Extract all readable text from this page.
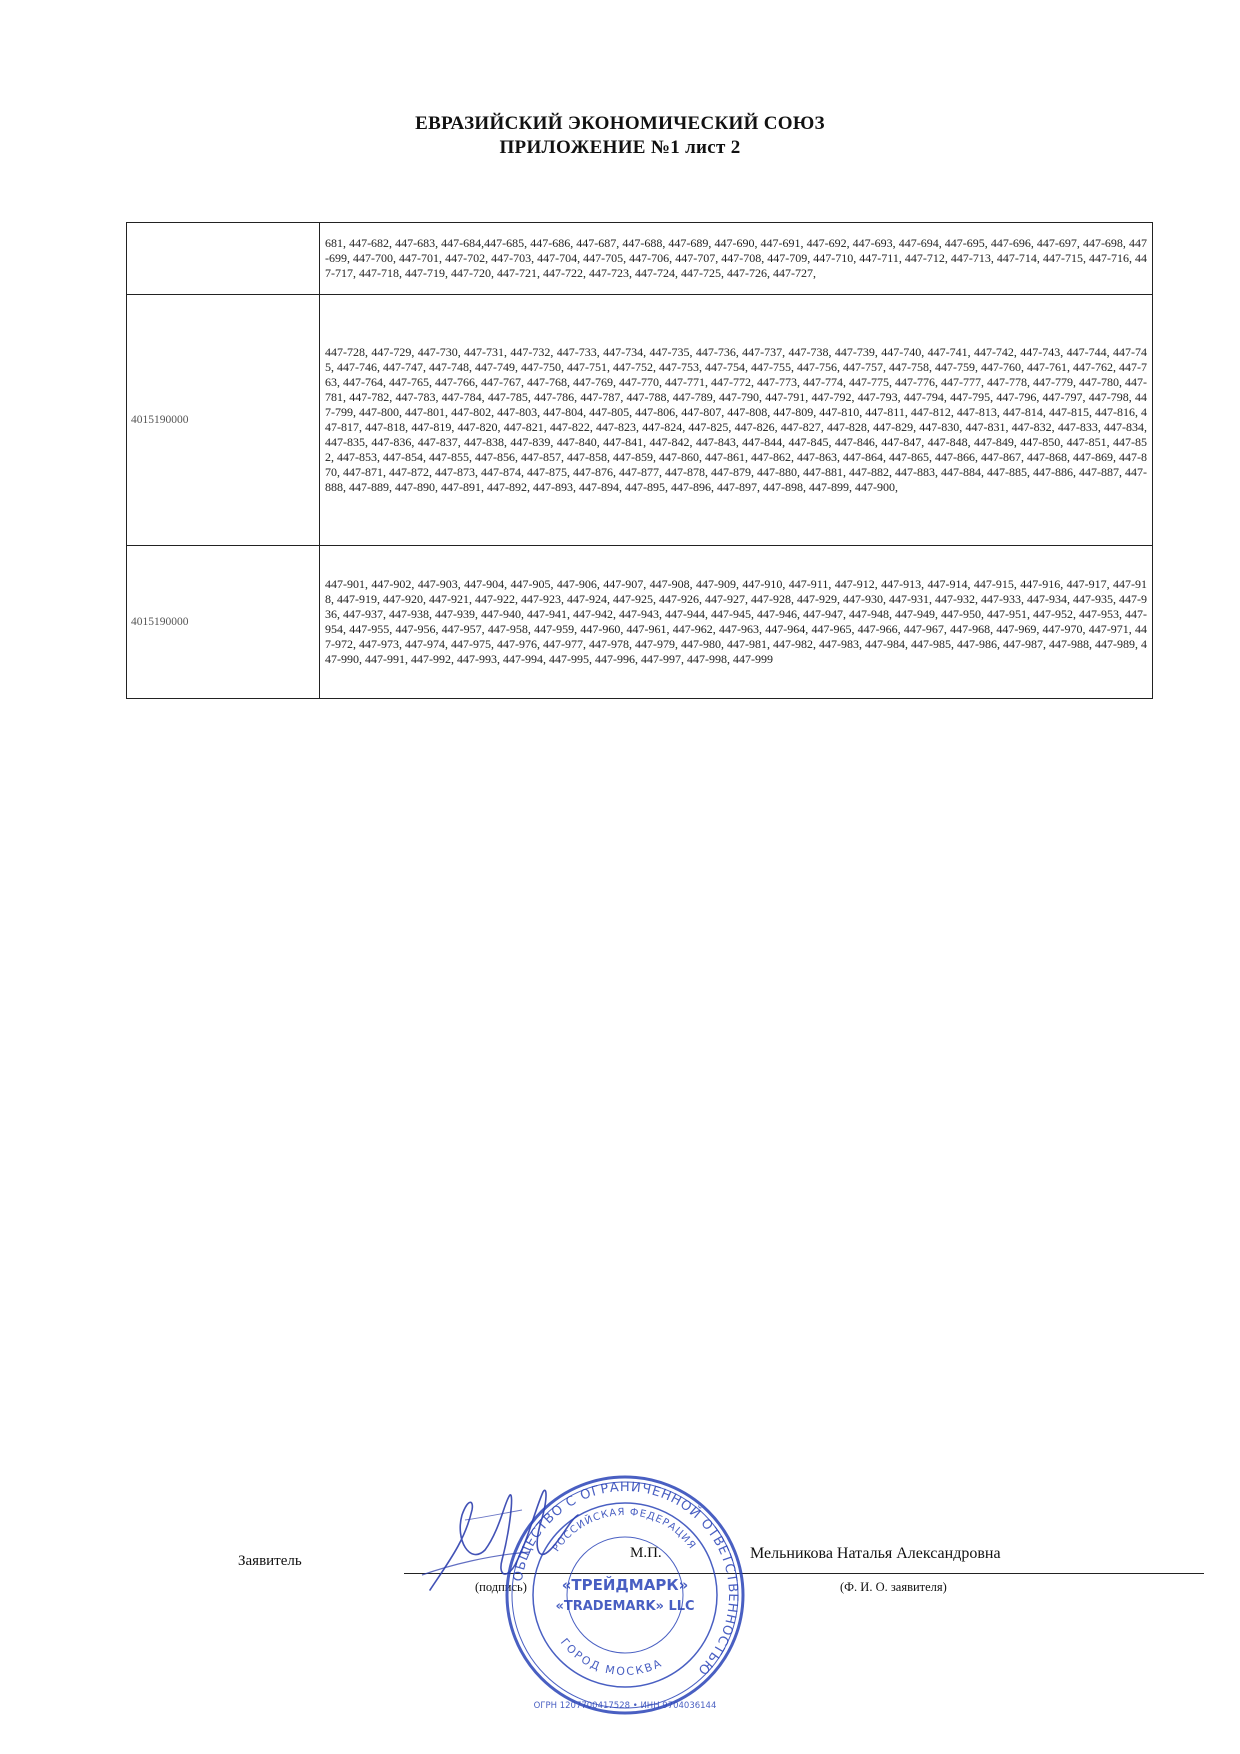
ЕВРАЗИЙСКИЙ ЭКОНОМИЧЕСКИЙ СОЮЗ
ПРИЛОЖЕНИЕ №1 лист 2
	681, 447-682, 447-683, 447-684,447-685, 447-686, 447-687, 447-688, 447-689, 447-690, 447-691, 447-692, 447-693, 447-694, 447-695, 447-696, 447-697, 447-698, 447-699, 447-700, 447-701, 447-702, 447-703, 447-704, 447-705, 447-706, 447-707, 447-708, 447-709, 447-710, 447-711, 447-712, 447-713, 447-714, 447-715, 447-716, 447-717, 447-718, 447-719, 447-720, 447-721, 447-722, 447-723, 447-724, 447-725, 447-726, 447-727,
4015190000	447-728, 447-729, 447-730, 447-731, 447-732, 447-733, 447-734, 447-735, 447-736, 447-737, 447-738, 447-739, 447-740, 447-741, 447-742, 447-743, 447-744, 447-745, 447-746, 447-747, 447-748, 447-749, 447-750, 447-751, 447-752, 447-753, 447-754, 447-755, 447-756, 447-757, 447-758, 447-759, 447-760, 447-761, 447-762, 447-763, 447-764, 447-765, 447-766, 447-767, 447-768, 447-769, 447-770, 447-771, 447-772, 447-773, 447-774, 447-775, 447-776, 447-777, 447-778, 447-779, 447-780, 447-781, 447-782, 447-783, 447-784, 447-785, 447-786, 447-787, 447-788, 447-789, 447-790, 447-791, 447-792, 447-793, 447-794, 447-795, 447-796, 447-797, 447-798, 447-799, 447-800, 447-801, 447-802, 447-803, 447-804, 447-805, 447-806, 447-807, 447-808, 447-809, 447-810, 447-811, 447-812, 447-813, 447-814, 447-815, 447-816, 447-817, 447-818, 447-819, 447-820, 447-821, 447-822, 447-823, 447-824, 447-825, 447-826, 447-827, 447-828, 447-829, 447-830, 447-831, 447-832, 447-833, 447-834, 447-835, 447-836, 447-837, 447-838, 447-839, 447-840, 447-841, 447-842, 447-843, 447-844, 447-845, 447-846, 447-847, 447-848, 447-849, 447-850, 447-851, 447-852, 447-853, 447-854, 447-855, 447-856, 447-857, 447-858, 447-859, 447-860, 447-861, 447-862, 447-863, 447-864, 447-865, 447-866, 447-867, 447-868, 447-869, 447-870, 447-871, 447-872, 447-873, 447-874, 447-875, 447-876, 447-877, 447-878, 447-879, 447-880, 447-881, 447-882, 447-883, 447-884, 447-885, 447-886, 447-887, 447-888, 447-889, 447-890, 447-891, 447-892, 447-893, 447-894, 447-895, 447-896, 447-897, 447-898, 447-899, 447-900,
4015190000	447-901, 447-902, 447-903, 447-904, 447-905, 447-906, 447-907, 447-908, 447-909, 447-910, 447-911, 447-912, 447-913, 447-914, 447-915, 447-916, 447-917, 447-918, 447-919, 447-920, 447-921, 447-922, 447-923, 447-924, 447-925, 447-926, 447-927, 447-928, 447-929, 447-930, 447-931, 447-932, 447-933, 447-934, 447-935, 447-936, 447-937, 447-938, 447-939, 447-940, 447-941, 447-942, 447-943, 447-944, 447-945, 447-946, 447-947, 447-948, 447-949, 447-950, 447-951, 447-952, 447-953, 447-954, 447-955, 447-956, 447-957, 447-958, 447-959, 447-960, 447-961, 447-962, 447-963, 447-964, 447-965, 447-966, 447-967, 447-968, 447-969, 447-970, 447-971, 447-972, 447-973, 447-974, 447-975, 447-976, 447-977, 447-978, 447-979, 447-980, 447-981, 447-982, 447-983, 447-984, 447-985, 447-986, 447-987, 447-988, 447-989, 447-990, 447-991, 447-992, 447-993, 447-994, 447-995, 447-996, 447-997, 447-998, 447-999
Заявитель	М.П.	Мельникова Наталья Александровна
(подпись)	(Ф. И. О. заявителя)
ОБЩЕСТВО С ОГРАНИЧЕННОЙ ОТВЕТСТВЕННОСТЬЮ
РОССИЙСКАЯ ФЕДЕРАЦИЯ
ГОРОД МОСКВА
«ТРЕЙДМАРК»
«TRADEMARK» LLC
ОГРН 1207700417528 • ИНН 9704036144
